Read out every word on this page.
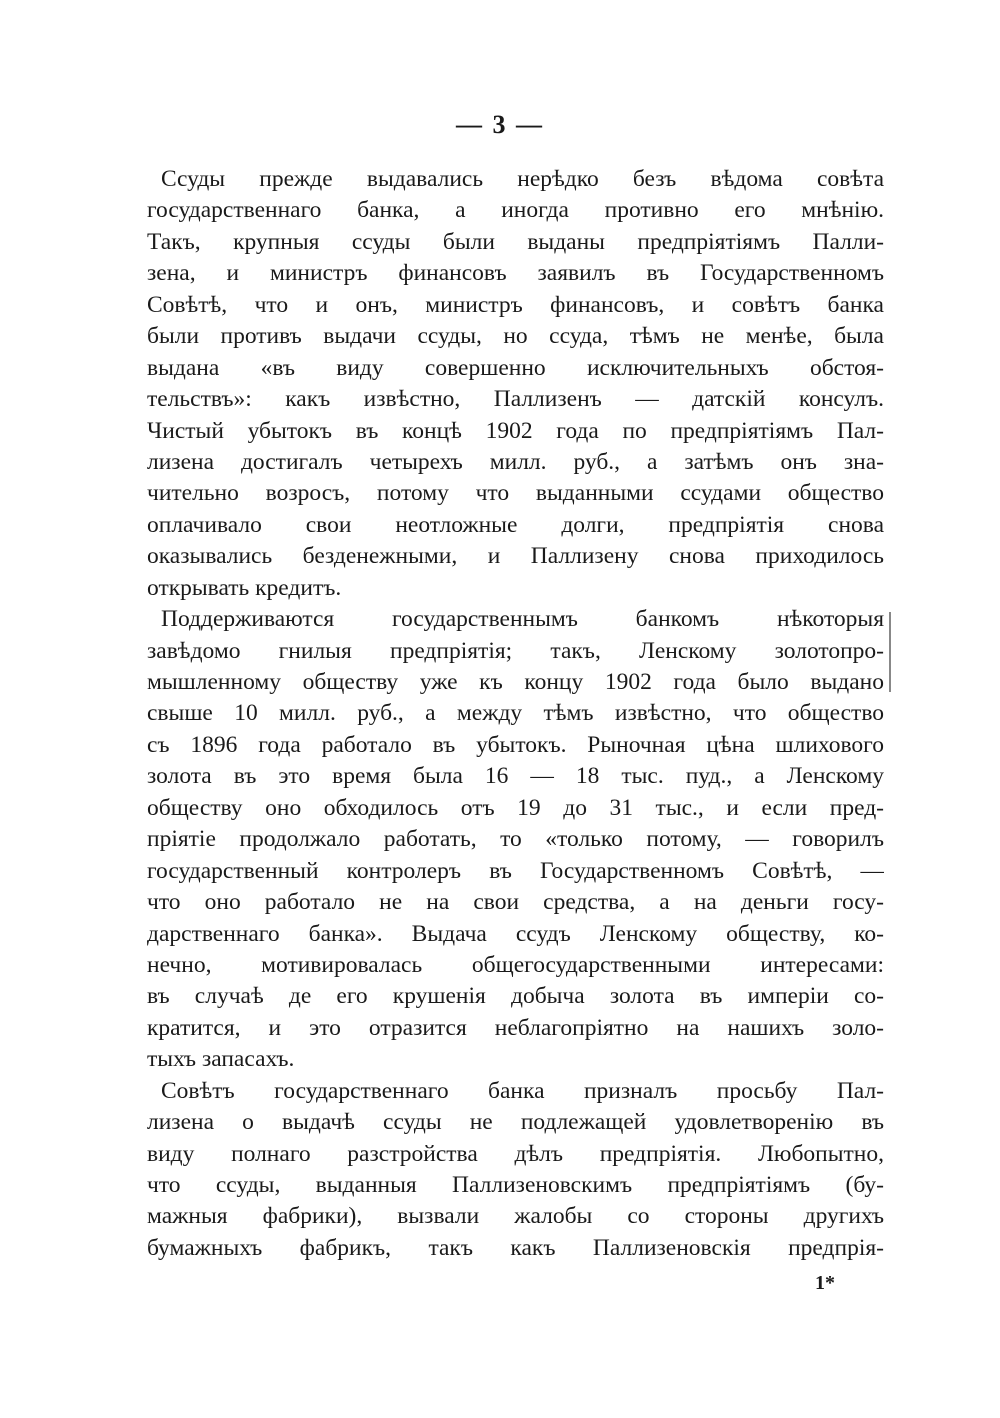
— 3 —
Ссуды прежде выдавались нерѣдко безъ вѣдома совѣта
государственнаго банка, а иногда противно его мнѣнію.
Такъ, крупныя ссуды были выданы предпріятіямъ Палли-
зена, и министръ финансовъ заявилъ въ Государственномъ
Совѣтѣ, что и онъ, министръ финансовъ, и совѣтъ банка
были противъ выдачи ссуды, но ссуда, тѣмъ не менѣе, была
выдана «въ виду совершенно исключительныхъ обстоя-
тельствъ»: какъ извѣстно, Паллизенъ — датскій консулъ.
Чистый убытокъ въ концѣ 1902 года по предпріятіямъ Пал-
лизена достигалъ четырехъ милл. руб., а затѣмъ онъ зна-
чительно возросъ, потому что выданными ссудами общество
оплачивало свои неотложные долги, предпріятія снова
оказывались безденежными, и Паллизену снова приходилось
открывать кредитъ.
Поддерживаются государственнымъ банкомъ нѣкоторыя
завѣдомо гнилыя предпріятія; такъ, Ленскому золотопро-
мышленному обществу уже къ концу 1902 года было выдано
свыше 10 милл. руб., а между тѣмъ извѣстно, что общество
съ 1896 года работало въ убытокъ. Рыночная цѣна шлихового
золота въ это время была 16 — 18 тыс. пуд., а Ленскому
обществу оно обходилось отъ 19 до 31 тыс., и если пред-
пріятіе продолжало работать, то «только потому, — говорилъ
государственный контролеръ въ Государственномъ Совѣтѣ, —
что оно работало не на свои средства, а на деньги госу-
дарственнаго банка». Выдача ссудъ Ленскому обществу, ко-
нечно, мотивировалась общегосударственными интересами:
въ случаѣ де его крушенія добыча золота въ имперіи со-
кратится, и это отразится неблагопріятно на нашихъ золо-
тыхъ запасахъ.
Совѣтъ государственнаго банка призналъ просьбу Пал-
лизена о выдачѣ ссуды не подлежащей удовлетворенію въ
виду полнаго разстройства дѣлъ предпріятія. Любопытно,
что ссуды, выданныя Паллизеновскимъ предпріятіямъ (бу-
мажныя фабрики), вызвали жалобы со стороны другихъ
бумажныхъ фабрикъ, такъ какъ Паллизеновскія предпрія-
1*
